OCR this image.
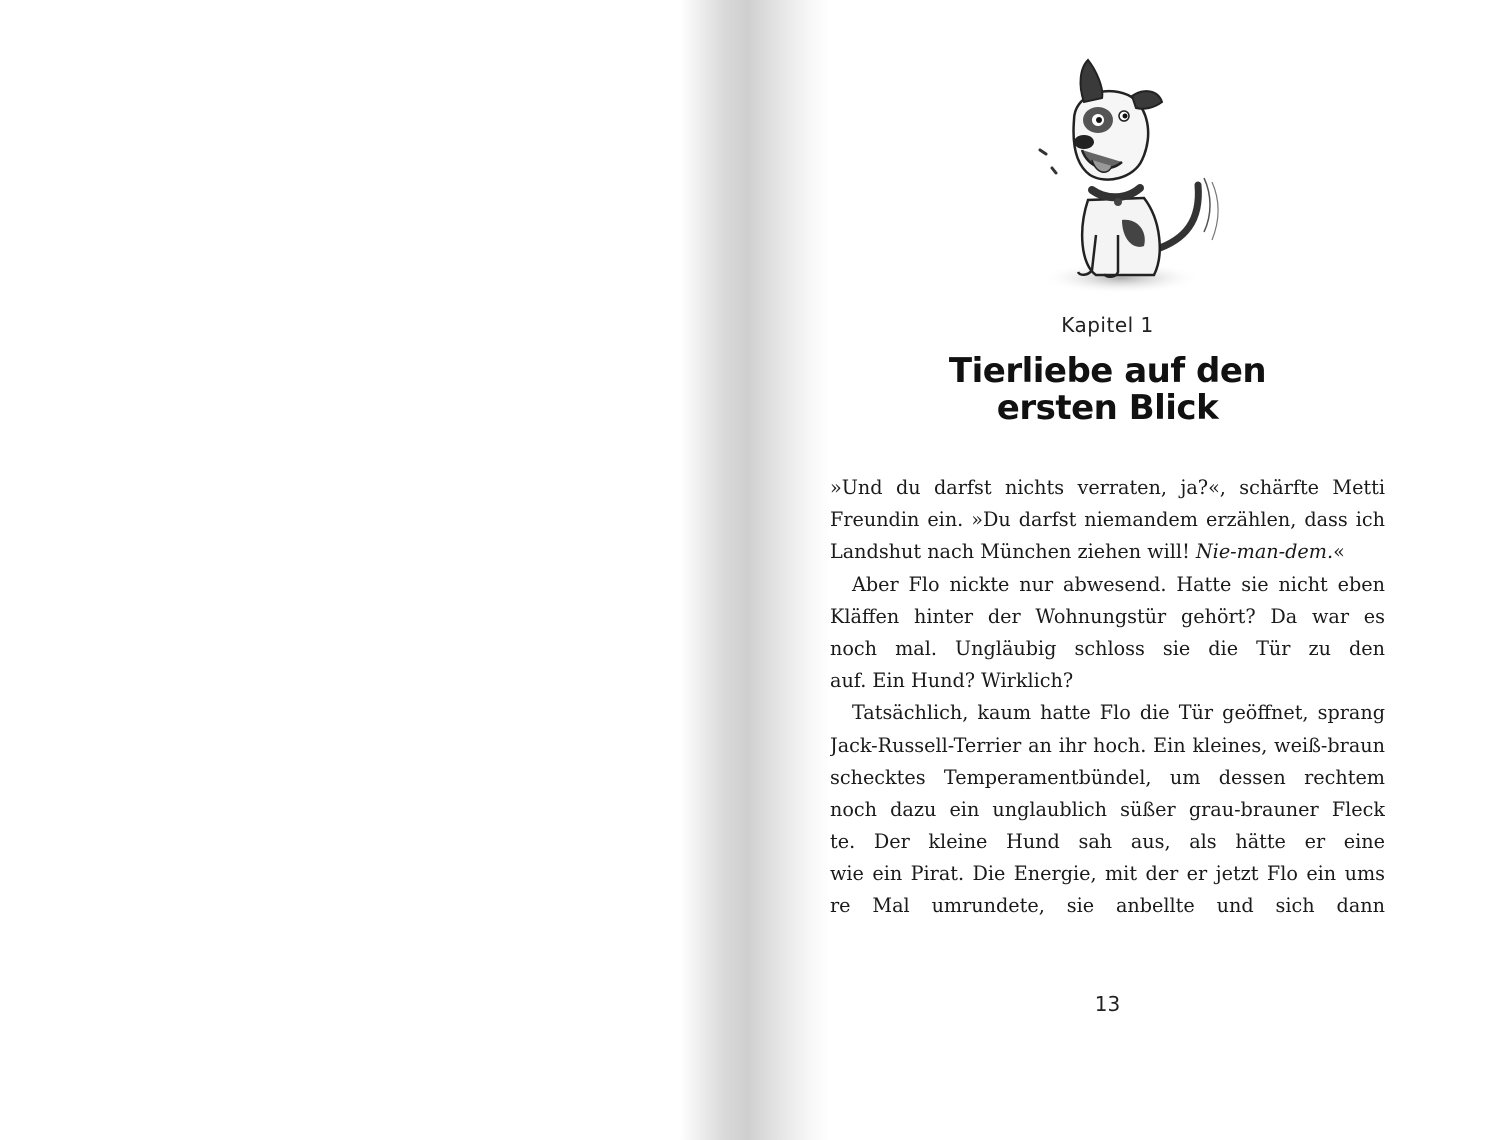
Kapitel 1
Tierliebe auf den
ersten Blick
»Und du darfst nichts verraten, ja?«, schärfte Metti
Freundin ein. »Du darfst niemandem erzählen, dass ich
Landshut nach München ziehen will! Nie-man-dem.«
Aber Flo nickte nur abwesend. Hatte sie nicht eben
Kläffen hinter der Wohnungstür gehört? Da war es
noch mal. Ungläubig schloss sie die Tür zu den
auf. Ein Hund? Wirklich?
Tatsächlich, kaum hatte Flo die Tür geöffnet, sprang
Jack-Russell-Terrier an ihr hoch. Ein kleines, weiß-braun
schecktes Temperamentbündel, um dessen rechtem
noch dazu ein unglaublich süßer grau-brauner Fleck
te. Der kleine Hund sah aus, als hätte er eine
wie ein Pirat. Die Energie, mit der er jetzt Flo ein ums
re Mal umrundete, sie anbellte und sich dann
13
